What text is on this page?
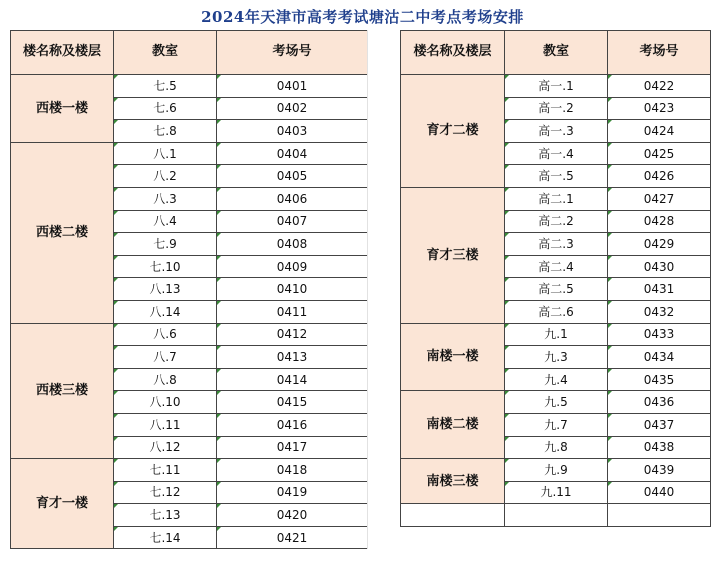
2024年天津市高考考试塘沽二中考点考场安排
楼名称及楼层	教室	考场号
西楼一楼	七.5	0401
	七.6	0402
	七.8	0403
西楼二楼	八.1	0404
	八.2	0405
	八.3	0406
	八.4	0407
	七.9	0408
	七.10	0409
	八.13	0410
	八.14	0411
西楼三楼	八.6	0412
	八.7	0413
	八.8	0414
	八.10	0415
	八.11	0416
	八.12	0417
育才一楼	七.11	0418
	七.12	0419
	七.13	0420
	七.14	0421
楼名称及楼层	教室	考场号
育才二楼	高一.1	0422
	高一.2	0423
	高一.3	0424
	高一.4	0425
	高一.5	0426
育才三楼	高二.1	0427
	高二.2	0428
	高二.3	0429
	高二.4	0430
	高二.5	0431
	高二.6	0432
南楼一楼	九.1	0433
	九.3	0434
	九.4	0435
南楼二楼	九.5	0436
	九.7	0437
	九.8	0438
南楼三楼	九.9	0439
	九.11	0440
